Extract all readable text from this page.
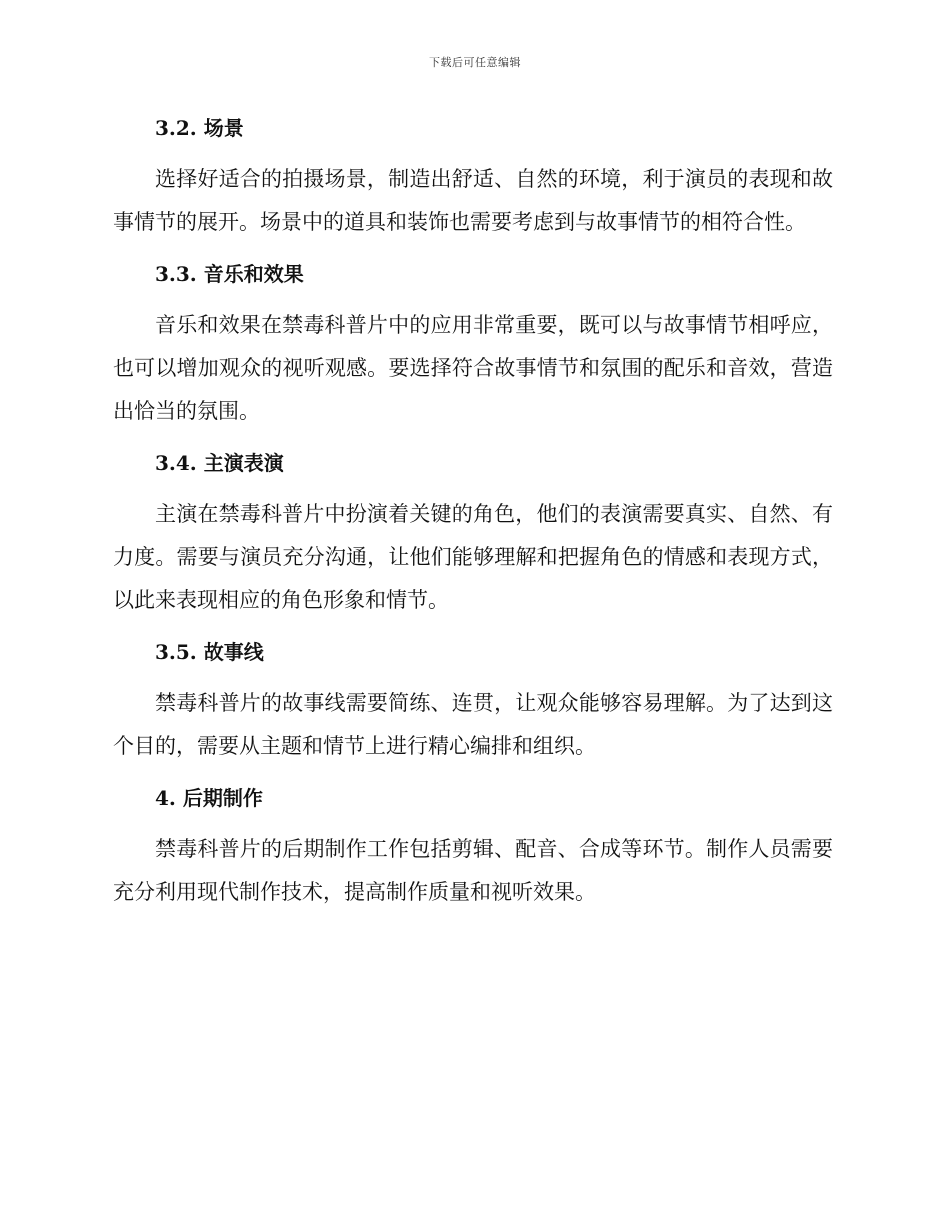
下载后可任意编辑
3.2. 场景
选择好适合的拍摄场景，制造出舒适、自然的环境，利于演员的表现和故事情节的展开。场景中的道具和装饰也需要考虑到与故事情节的相符合性。
3.3. 音乐和效果
音乐和效果在禁毒科普片中的应用非常重要，既可以与故事情节相呼应，也可以增加观众的视听观感。要选择符合故事情节和氛围的配乐和音效，营造出恰当的氛围。
3.4. 主演表演
主演在禁毒科普片中扮演着关键的角色，他们的表演需要真实、自然、有力度。需要与演员充分沟通，让他们能够理解和把握角色的情感和表现方式，以此来表现相应的角色形象和情节。
3.5. 故事线
禁毒科普片的故事线需要简练、连贯，让观众能够容易理解。为了达到这个目的，需要从主题和情节上进行精心编排和组织。
4. 后期制作
禁毒科普片的后期制作工作包括剪辑、配音、合成等环节。制作人员需要充分利用现代制作技术，提高制作质量和视听效果。
